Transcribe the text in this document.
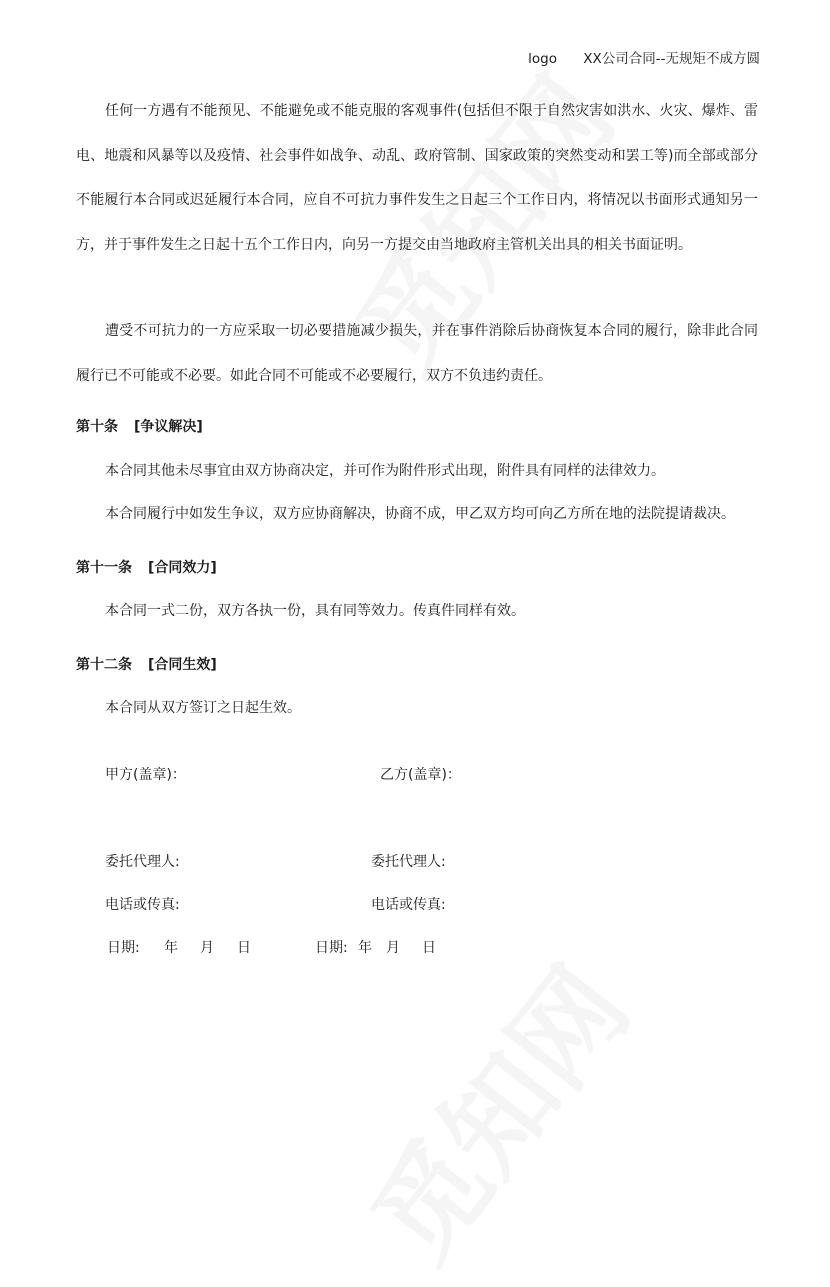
logo XX公司合同--无规矩不成方圆

任何一方遇有不能预见、不能避免或不能克服的客观事件(包括但不限于自然灾害如洪水、火灾、爆炸、雷电、地震和风暴等以及疫情、社会事件如战争、动乱、政府管制、国家政策的突然变动和罢工等)而全部或部分不能履行本合同或迟延履行本合同，应自不可抗力事件发生之日起三个工作日内，将情况以书面形式通知另一方，并于事件发生之日起十五个工作日内，向另一方提交由当地政府主管机关出具的相关书面证明。

遭受不可抗力的一方应采取一切必要措施减少损失，并在事件消除后协商恢复本合同的履行，除非此合同履行已不可能或不必要。如此合同不可能或不必要履行，双方不负违约责任。

第十条 [争议解决]

本合同其他未尽事宜由双方协商决定，并可作为附件形式出现，附件具有同样的法律效力。

本合同履行中如发生争议，双方应协商解决，协商不成，甲乙双方均可向乙方所在地的法院提请裁决。

第十一条 [合同效力]

本合同一式二份，双方各执一份，具有同等效力。传真件同样有效。

第十二条 [合同生效]

本合同从双方签订之日起生效。

甲方(盖章)：	乙方(盖章)：
委托代理人:	委托代理人:
电话或传真:	电话或传真:
日期: 年 月 日	日期: 年 月 日
